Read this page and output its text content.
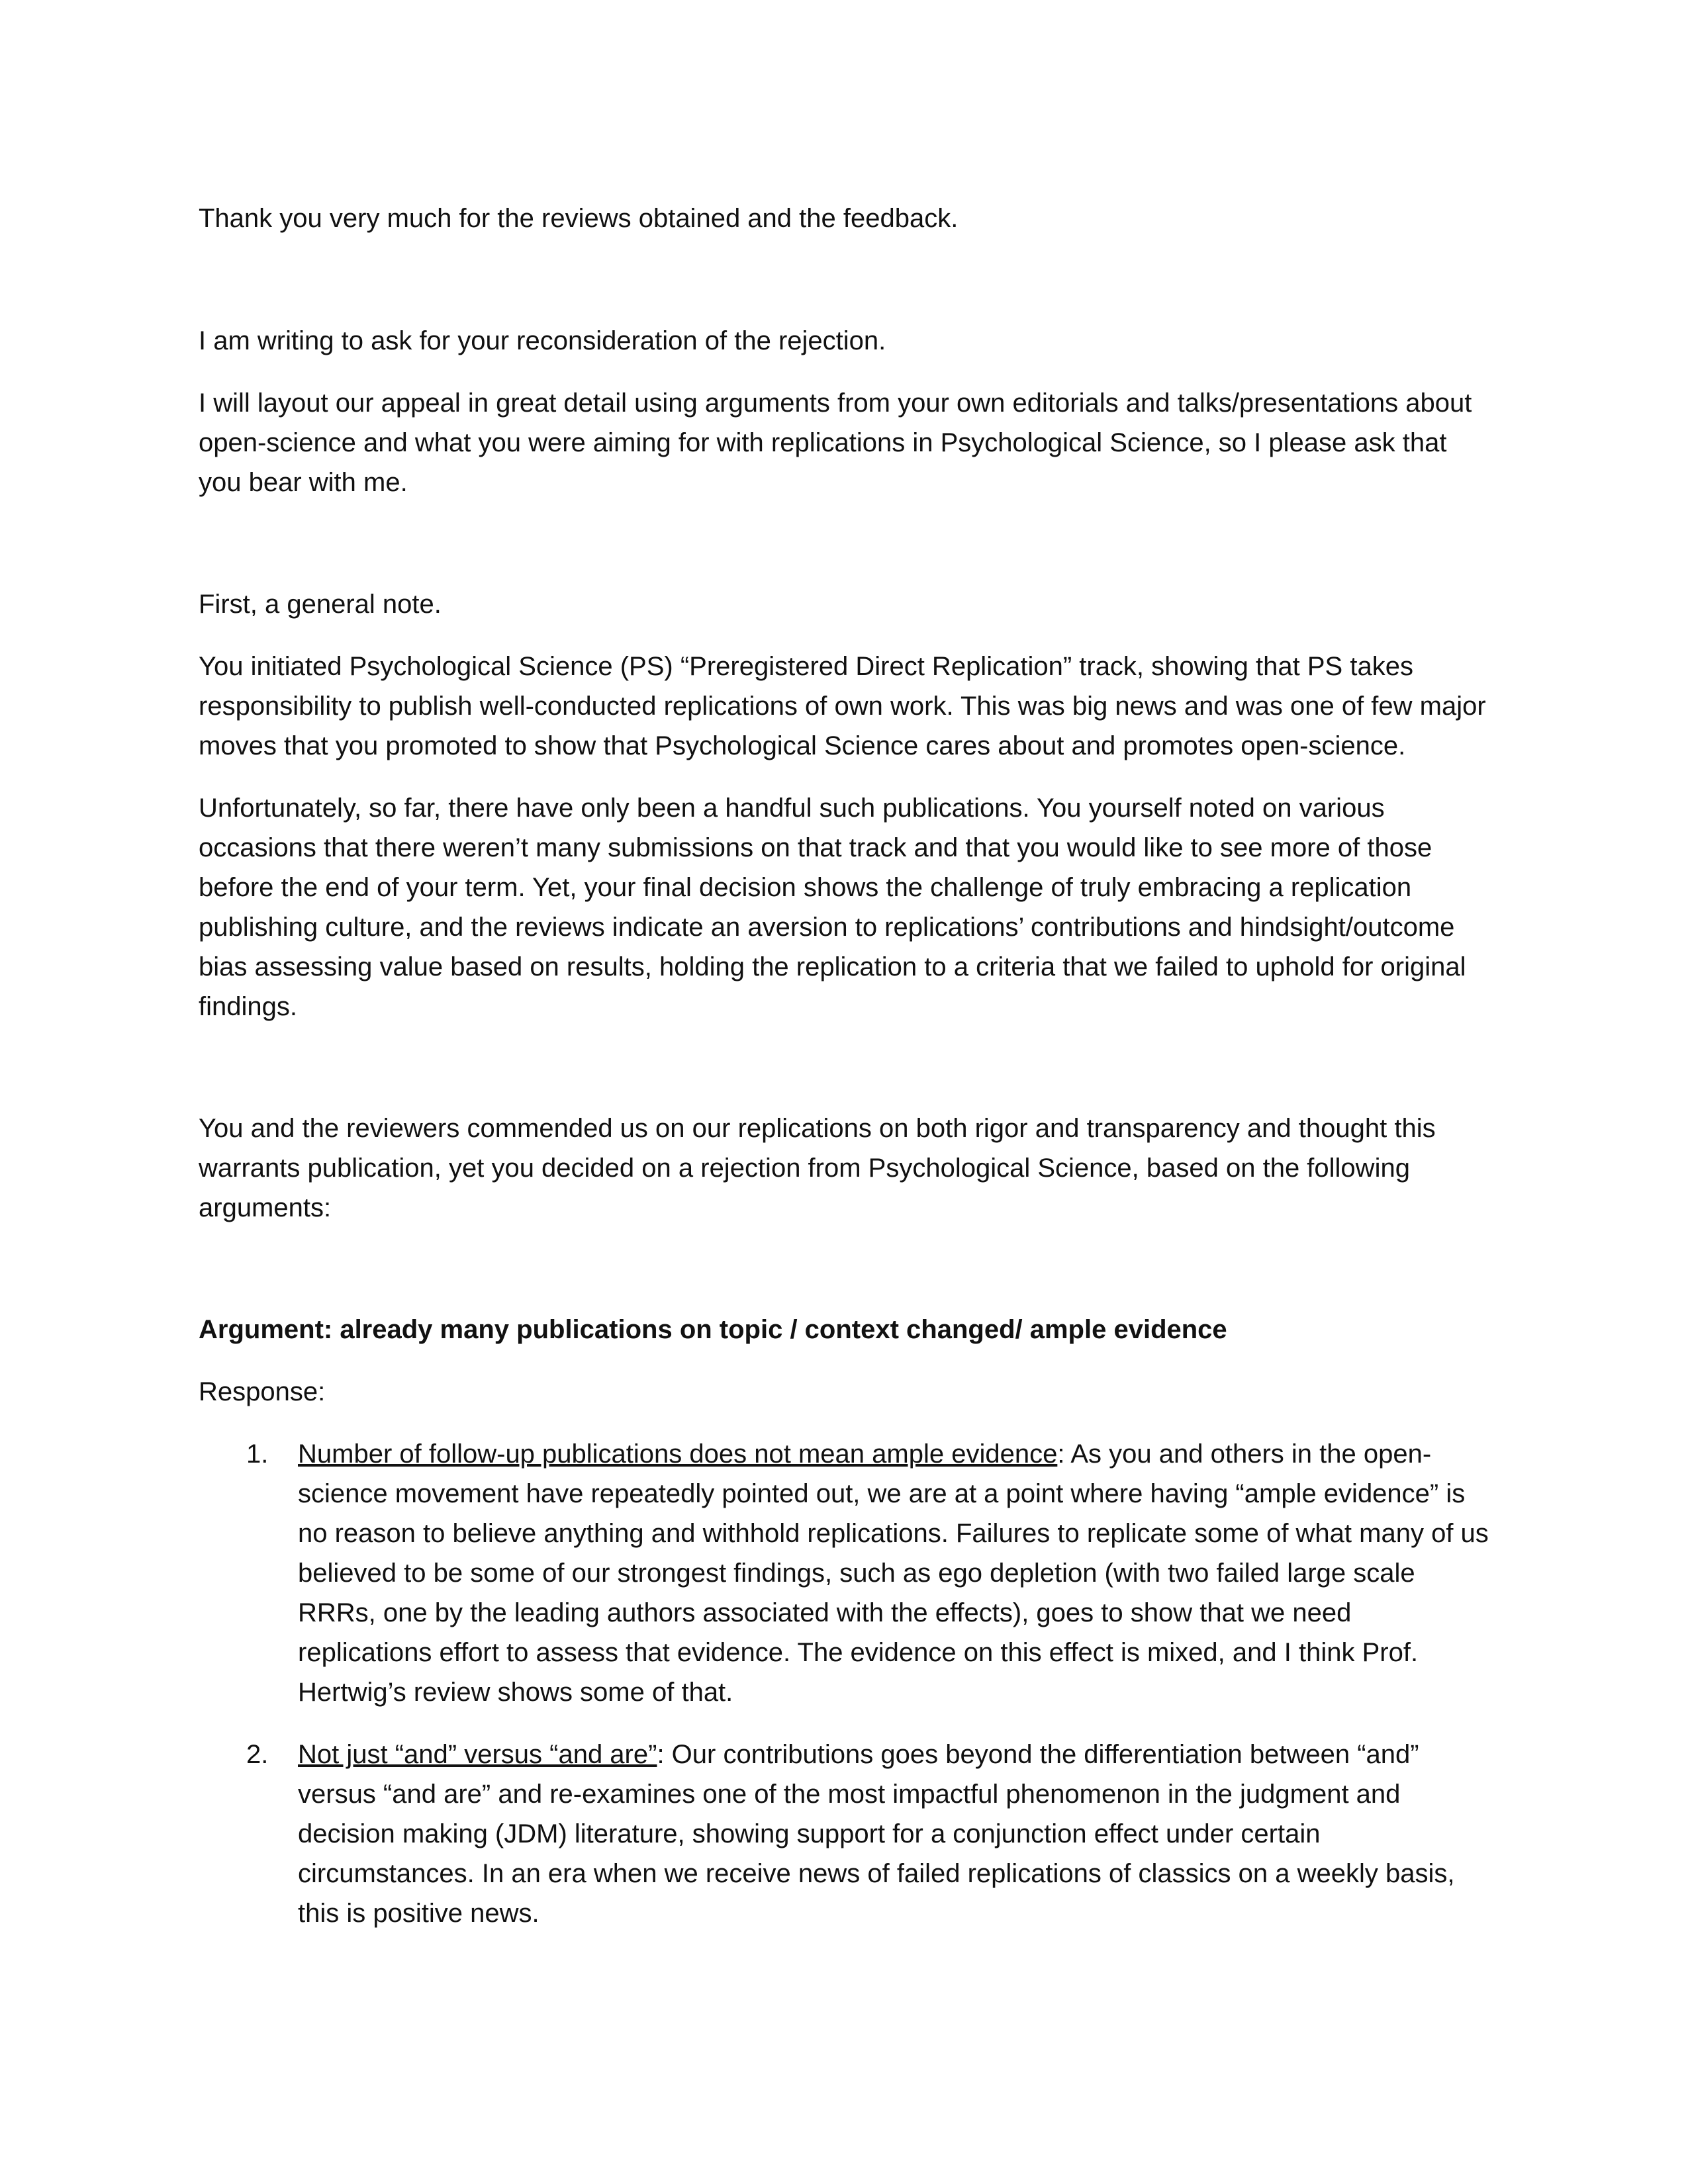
Thank you very much for the reviews obtained and the feedback.

I am writing to ask for your reconsideration of the rejection.

I will layout our appeal in great detail using arguments from your own editorials and talks/presentations about open-science and what you were aiming for with replications in Psychological Science, so I please ask that you bear with me.

First, a general note.

You initiated Psychological Science (PS) “Preregistered Direct Replication” track, showing that PS takes responsibility to publish well-conducted replications of own work. This was big news and was one of few major moves that you promoted to show that Psychological Science cares about and promotes open-science.

Unfortunately, so far, there have only been a handful such publications. You yourself noted on various occasions that there weren’t many submissions on that track and that you would like to see more of those before the end of your term. Yet, your final decision shows the challenge of truly embracing a replication publishing culture, and the reviews indicate an aversion to replications’ contributions and hindsight/outcome bias assessing value based on results, holding the replication to a criteria that we failed to uphold for original findings.

You and the reviewers commended us on our replications on both rigor and transparency and thought this warrants publication, yet you decided on a rejection from Psychological Science, based on the following arguments:

Argument: already many publications on topic / context changed/ ample evidence

Response:

1. Number of follow-up publications does not mean ample evidence: As you and others in the open-science movement have repeatedly pointed out, we are at a point where having “ample evidence” is no reason to believe anything and withhold replications. Failures to replicate some of what many of us believed to be some of our strongest findings, such as ego depletion (with two failed large scale RRRs, one by the leading authors associated with the effects), goes to show that we need replications effort to assess that evidence. The evidence on this effect is mixed, and I think Prof. Hertwig’s review shows some of that.
2. Not just “and” versus “and are”: Our contributions goes beyond the differentiation between “and” versus “and are” and re-examines one of the most impactful phenomenon in the judgment and decision making (JDM) literature, showing support for a conjunction effect under certain circumstances. In an era when we receive news of failed replications of classics on a weekly basis, this is positive news.
